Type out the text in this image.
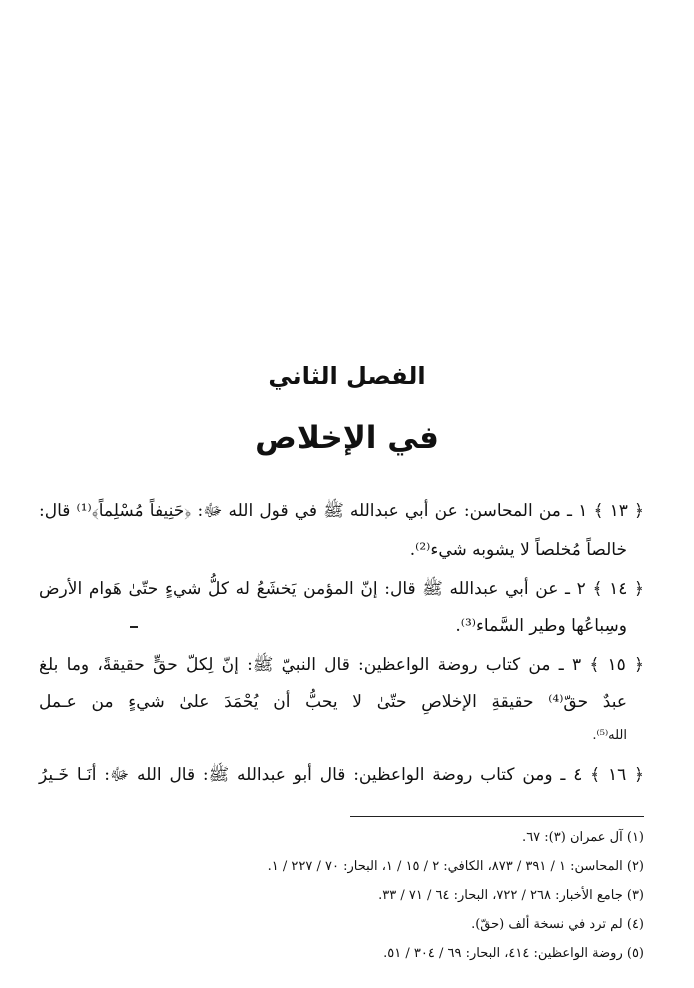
الفصل الثاني
في الإخلاص
﴿ ١٣ ﴾ ١ ـ من المحاسن: عن أبي عبدالله ﷺ في قول الله ﷻ: ﴿حَنِيفاً مُسْلِماً﴾⁽¹⁾ قال:
خالصاً مُخلصاً لا يشوبه شيء⁽²⁾.
﴿ ١٤ ﴾ ٢ ـ عن أبي عبدالله ﷺ قال: إنّ المؤمن يَخشَعُ له كلُّ شيءٍ حتّىٰ هَوام الأرض
وسِباعُها وطير السَّماء⁽³⁾.
﴿ ١٥ ﴾ ٣ ـ من كتاب روضة الواعظين: قال النبيّ ﷺ: إنّ لِكلّ حقٍّ حقيقةً، وما بلغ
عبدٌ حقّ⁽⁴⁾ حقيقةِ الإخلاصِ حتّىٰ لا يحبُّ أن يُحْمَدَ علىٰ شيءٍ من عـمل
الله⁽⁵⁾.
﴿ ١٦ ﴾ ٤ ـ ومن كتاب روضة الواعظين: قال أبو عبدالله ﷺ: قال الله ﷻ: أنَـا خَـيرُ
(١) آل عمران (٣): ٦٧.
(٢) المحاسن: ١ / ٣٩١ / ٨٧٣، الكافي: ٢ / ١٥ / ١، البحار: ٧٠ / ٢٢٧ / ١.
(٣) جامع الأخبار: ٢٦٨ / ٧٢٢، البحار: ٦٤ / ٧١ / ٣٣.
(٤) لم ترد في نسخة ألف (حقّ).
(٥) روضة الواعظين: ٤١٤، البحار: ٦٩ / ٣٠٤ / ٥١.
